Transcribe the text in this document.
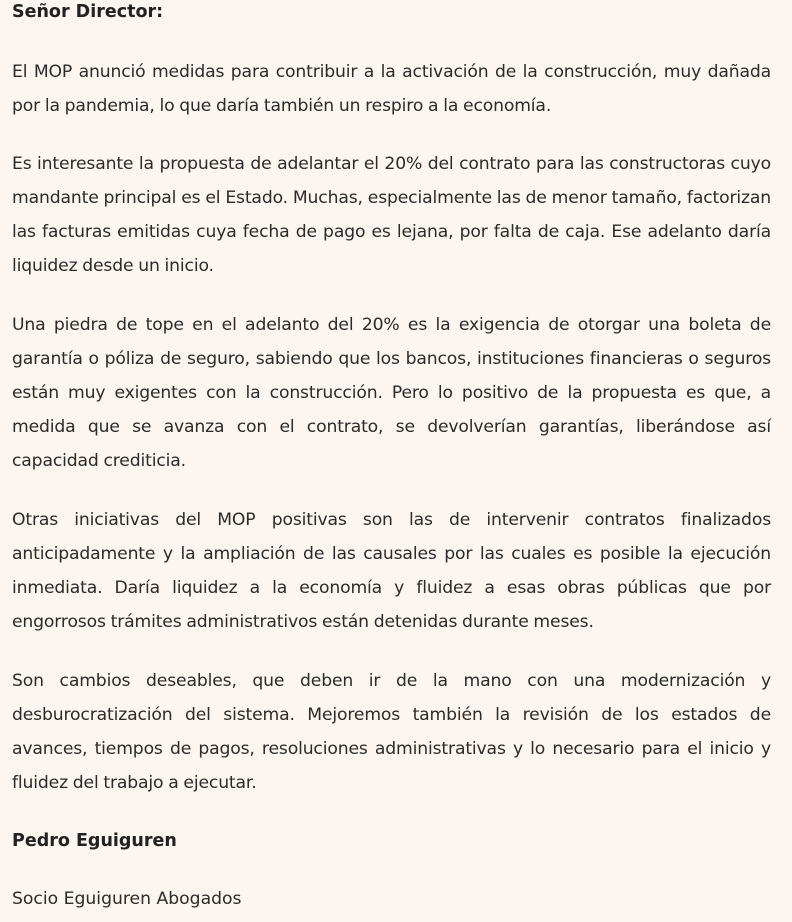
Señor Director:

El MOP anunció medidas para contribuir a la activación de la construcción, muy dañada por la pandemia, lo que daría también un respiro a la economía.

Es interesante la propuesta de adelantar el 20% del contrato para las constructoras cuyo mandante principal es el Estado. Muchas, especialmente las de menor tamaño, factorizan las facturas emitidas cuya fecha de pago es lejana, por falta de caja. Ese adelanto daría liquidez desde un inicio.

Una piedra de tope en el adelanto del 20% es la exigencia de otorgar una boleta de garantía o póliza de seguro, sabiendo que los bancos, instituciones financieras o seguros están muy exigentes con la construcción. Pero lo positivo de la propuesta es que, a medida que se avanza con el contrato, se devolverían garantías, liberándose así capacidad crediticia.

Otras iniciativas del MOP positivas son las de intervenir contratos finalizados anticipadamente y la ampliación de las causales por las cuales es posible la ejecución inmediata. Daría liquidez a la economía y fluidez a esas obras públicas que por engorrosos trámites administrativos están detenidas durante meses.

Son cambios deseables, que deben ir de la mano con una modernización y desburocratización del sistema. Mejoremos también la revisión de los estados de avances, tiempos de pagos, resoluciones administrativas y lo necesario para el inicio y fluidez del trabajo a ejecutar.

Pedro Eguiguren

Socio Eguiguren Abogados
